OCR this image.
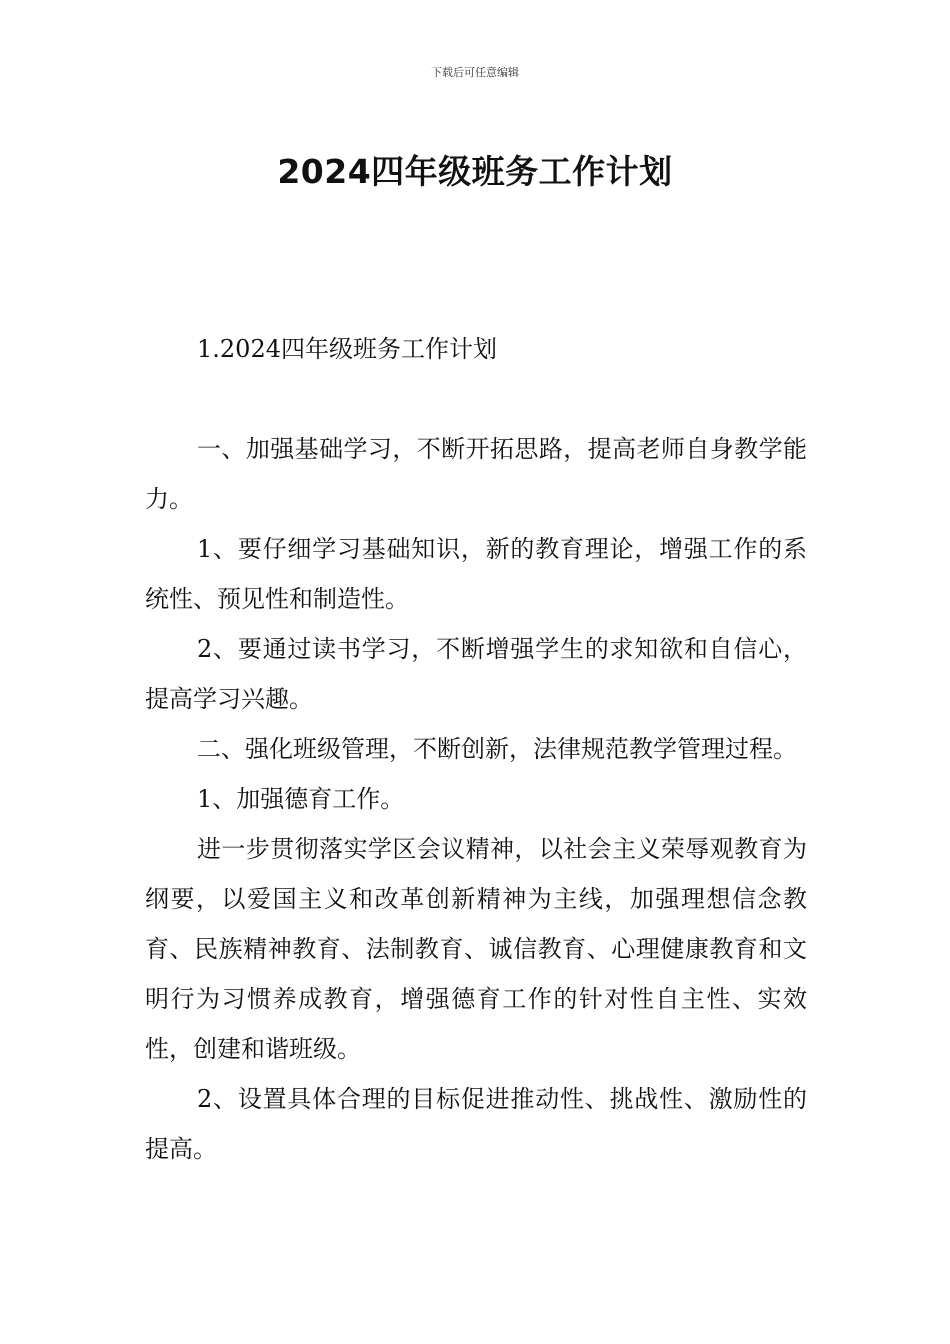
下载后可任意编辑
2024四年级班务工作计划

1.2024四年级班务工作计划

一、加强基础学习，不断开拓思路，提高老师自身教学能力。

1、要仔细学习基础知识，新的教育理论，增强工作的系统性、预见性和制造性。

2、要通过读书学习，不断增强学生的求知欲和自信心，提高学习兴趣。

二、强化班级管理，不断创新，法律规范教学管理过程。

1、加强德育工作。

进一步贯彻落实学区会议精神，以社会主义荣辱观教育为纲要，以爱国主义和改革创新精神为主线，加强理想信念教育、民族精神教育、法制教育、诚信教育、心理健康教育和文明行为习惯养成教育，增强德育工作的针对性自主性、实效性，创建和谐班级。

2、设置具体合理的目标促进推动性、挑战性、激励性的提高。
